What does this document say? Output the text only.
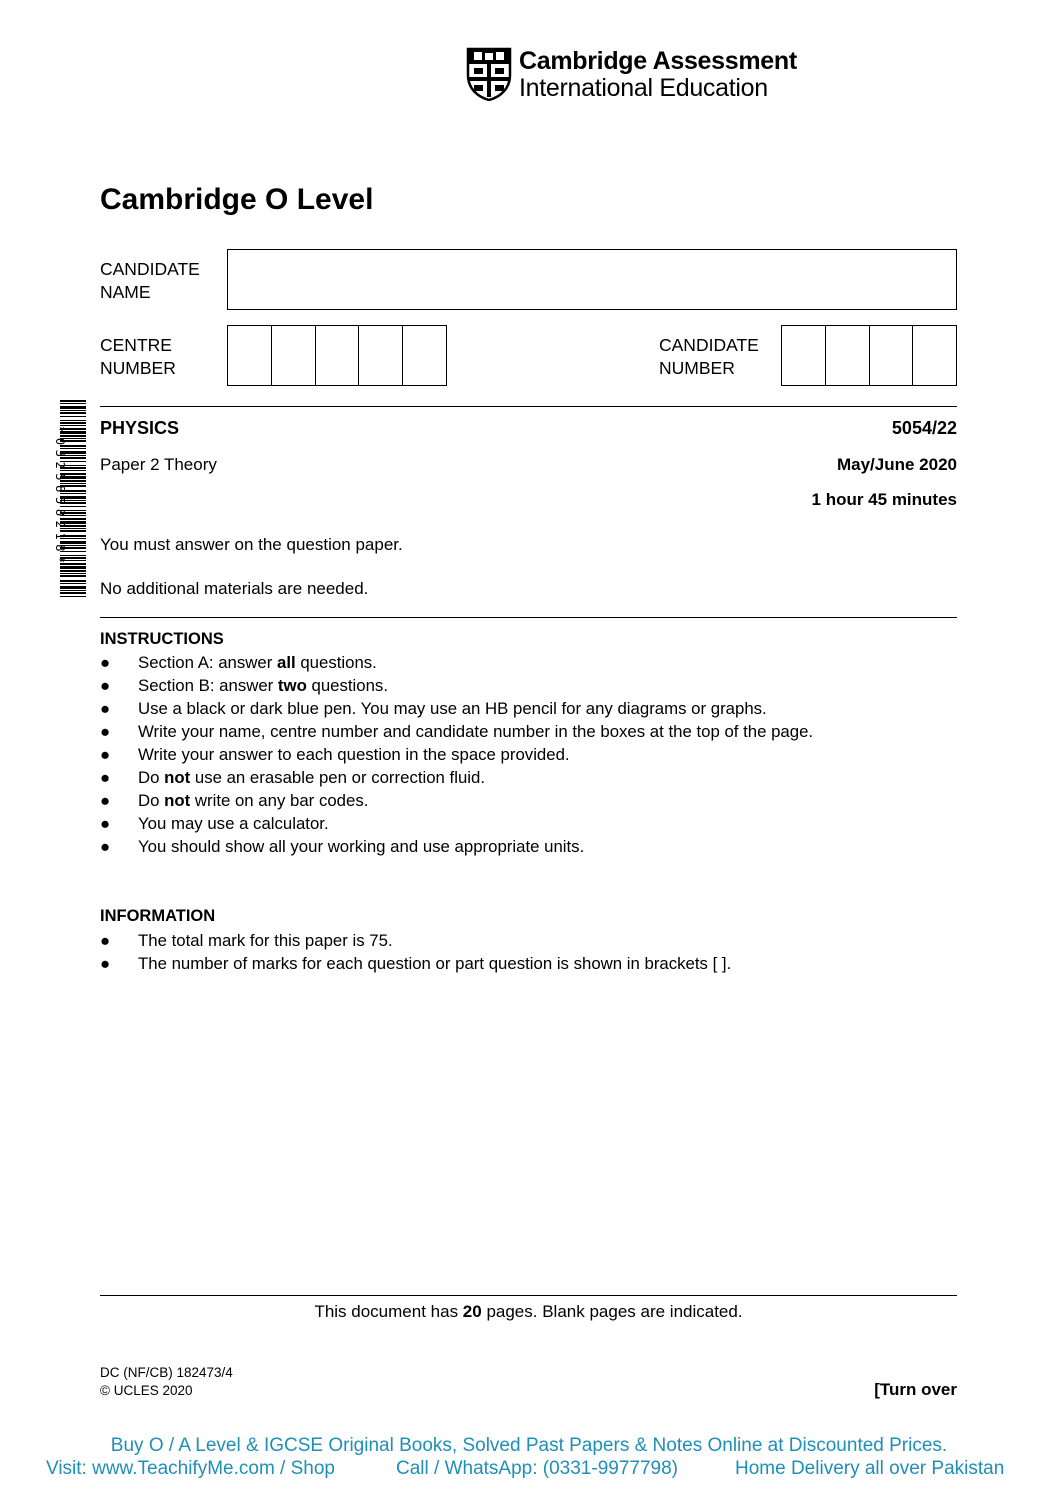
Cambridge Assessment
International Education
Cambridge O Level
CANDIDATE
NAME
CENTRE
NUMBER
CANDIDATE
NUMBER
*0325858218* PHYSICS	5054/22
Paper 2 Theory	May/June 2020
1 hour 45 minutes
You must answer on the question paper.
No additional materials are needed.
INSTRUCTIONS
● Section A: answer all questions.
● Section B: answer two questions.
● Use a black or dark blue pen. You may use an HB pencil for any diagrams or graphs.
● Write your name, centre number and candidate number in the boxes at the top of the page.
● Write your answer to each question in the space provided.
● Do not use an erasable pen or correction fluid.
● Do not write on any bar codes.
● You may use a calculator.
● You should show all your working and use appropriate units.
INFORMATION
● The total mark for this paper is 75.
● The number of marks for each question or part question is shown in brackets [ ].
This document has 20 pages. Blank pages are indicated.
DC (NF/CB) 182473/4
© UCLES 2020	[Turn over
Buy O / A Level & IGCSE Original Books, Solved Past Papers & Notes Online at Discounted Prices.
Visit: www.TeachifyMe.com / Shop	Call / WhatsApp: (0331-9977798)	Home Delivery all over Pakistan
